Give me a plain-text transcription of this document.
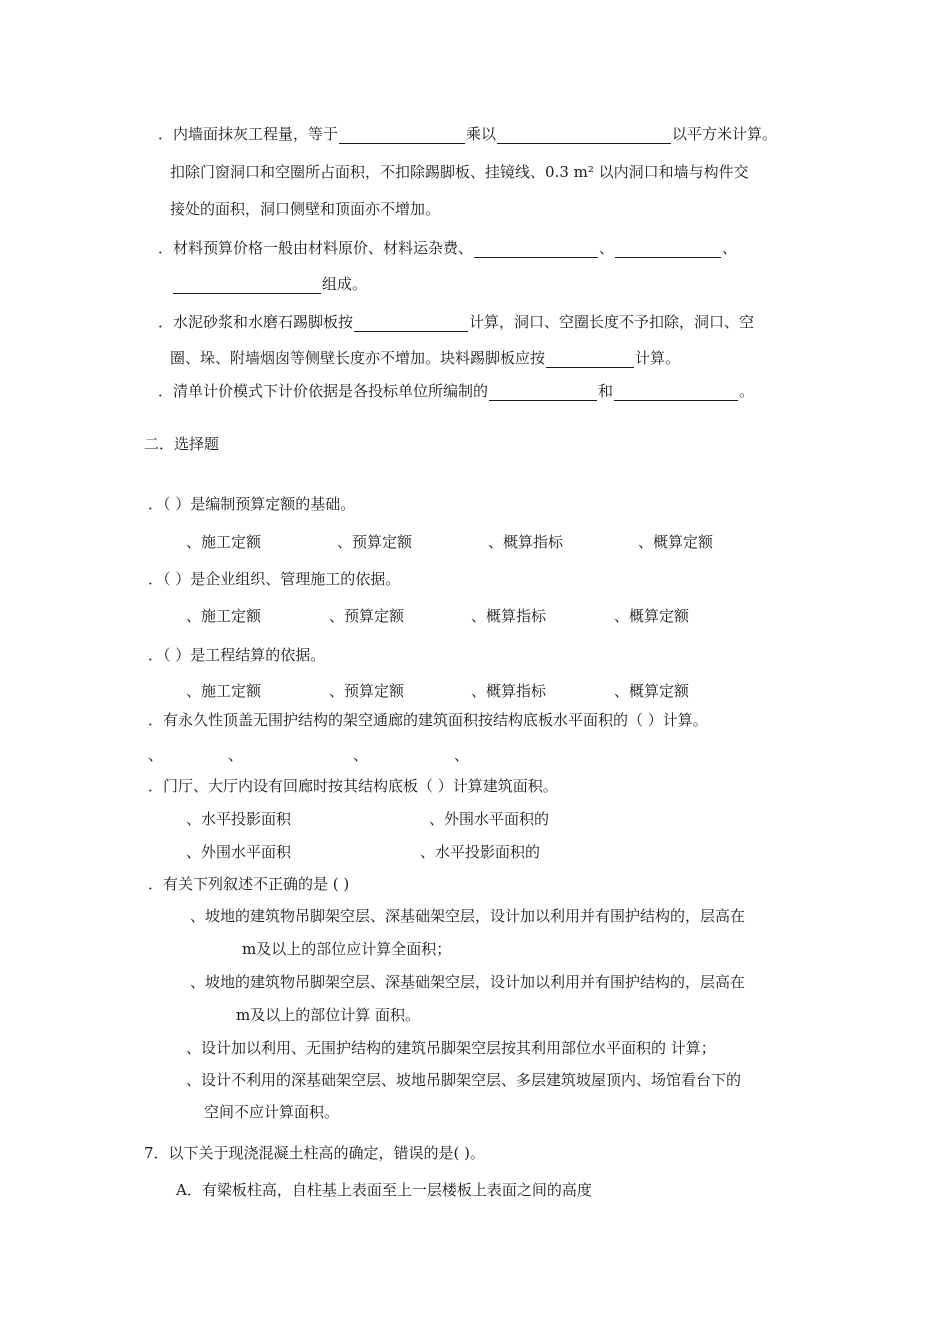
．内墙面抹灰工程量，等于	乘以	以平方米计算。
扣除门窗洞口和空圈所占面积，不扣除踢脚板、挂镜线、0.3 m² 以内洞口和墙与构件交
接处的面积，洞口侧壁和顶面亦不增加。
．材料预算价格一般由材料原价、材料运杂费、	、	、
组成。
．水泥砂浆和水磨石踢脚板按	计算，洞口、空圈长度不予扣除，洞口、空
圈、垛、附墙烟囱等侧壁长度亦不增加。块料踢脚板应按	计算。
．清单计价模式下计价依据是各投标单位所编制的	和	。
二．选择题
．（ ）是编制预算定额的基础。
、施工定额	、预算定额	、概算指标	、概算定额
．（ ）是企业组织、管理施工的依据。
、施工定额	、预算定额	、概算指标	、概算定额
．（ ）是工程结算的依据。
、施工定额	、预算定额	、概算指标	、概算定额
．有永久性顶盖无围护结构的架空通廊的建筑面积按结构底板水平面积的（ ）计算。
、	、	、	、
．门厅、大厅内设有回廊时按其结构底板（ ）计算建筑面积。
、水平投影面积	、外围水平面积的
、外围水平面积	、水平投影面积的
．有关下列叙述不正确的是 ( )
、坡地的建筑物吊脚架空层、深基础架空层，设计加以利用并有围护结构的，层高在
m及以上的部位应计算全面积；
、坡地的建筑物吊脚架空层、深基础架空层，设计加以利用并有围护结构的，层高在
m及以上的部位计算 面积。
、设计加以利用、无围护结构的建筑吊脚架空层按其利用部位水平面积的 计算；
、设计不利用的深基础架空层、坡地吊脚架空层、多层建筑坡屋顶内、场馆看台下的
空间不应计算面积。
7．以下关于现浇混凝土柱高的确定，错误的是( )。
A．有梁板柱高，自柱基上表面至上一层楼板上表面之间的高度
